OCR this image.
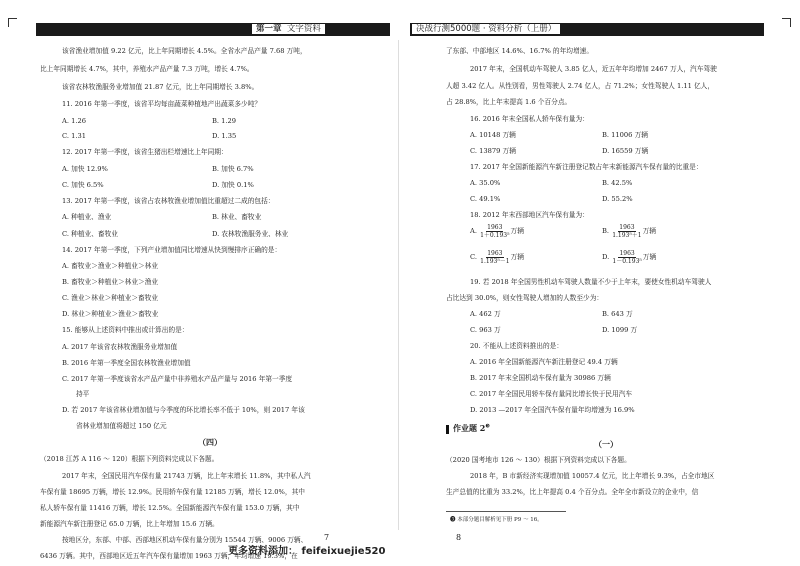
第一章 文字资料	决战行测5000题 · 资料分析（上册）
该省渔业增加值 9.22 亿元，比上年同期增长 4.5%。全省水产品产量 7.68 万吨，
比上年同期增长 4.7%，其中，养殖水产品产量 7.3 万吨，增长 4.7%。
该省农林牧渔服务业增加值 21.87 亿元，比上年同期增长 3.8%。
11. 2016 年第一季度，该省平均每亩蔬菜种植地产出蔬菜多少吨？
A. 1.26	B. 1.29
C. 1.31	D. 1.35
12. 2017 年第一季度，该省生猪出栏增速比上年同期：
A. 加快 12.9%	B. 加快 6.7%
C. 加快 6.5%	D. 加快 0.1%
13. 2017 年第一季度，该省占农林牧渔业增加值比重超过二成的包括：
A. 种植业、渔业	B. 林业、畜牧业
C. 种植业、畜牧业	D. 农林牧渔服务业、林业
14. 2017 年第一季度，下列产业增加值同比增速从快到慢排序正确的是：
A. 畜牧业＞渔业＞种植业＞林业
B. 畜牧业＞种植业＞林业＞渔业
C. 渔业＞林业＞种植业＞畜牧业
D. 林业＞种植业＞渔业＞畜牧业
15. 能够从上述资料中推出或计算出的是：
A. 2017 年该省农林牧渔服务业增加值
B. 2016 年第一季度全国农林牧渔业增加值
C. 2017 年第一季度该省水产品产量中非养殖水产品产量与 2016 年第一季度
持平
D. 若 2017 年该省林业增加值与今季度的环比增长率不低于 10%，则 2017 年该
省林业增加值将超过 150 亿元
（四）
（2018 江苏 A 116 ～ 120）根据下列资料完成以下各题。
2017 年末，全国民用汽车保有量 21743 万辆，比上年末增长 11.8%，其中私人汽
车保有量 18695 万辆，增长 12.9%。民用轿车保有量 12185 万辆，增长 12.0%，其中
私人轿车保有量 11416 万辆，增长 12.5%。全国新能源汽车保有量 153.0 万辆，其中
新能源汽车新注册登记 65.0 万辆，比上年增加 15.6 万辆。
按地区分，东部、中部、西部地区机动车保有量分别为 15544 万辆、9006 万辆、
6436 万辆。其中，西部地区近五年汽车保有量增加 1963 万辆，年均增速 19.3%，在
7
了东部、中部地区 14.6%、16.7% 的年均增速。
2017 年末，全国机动车驾驶人 3.85 亿人，近五年年均增加 2467 万人，汽车驾驶
人超 3.42 亿人。从性别看，男性驾驶人 2.74 亿人，占 71.2%；女性驾驶人 1.11 亿人，
占 28.8%，比上年末提高 1.6 个百分点。
16. 2016 年末全国私人轿车保有量为：
A. 10148 万辆	B. 11006 万辆
C. 13879 万辆	D. 16559 万辆
17. 2017 年全国新能源汽车新注册登记数占年末新能源汽车保有量的比重是：
A. 35.0%	B. 42.5%
C. 49.1%	D. 55.2%
18. 2012 年末西部地区汽车保有量为：
A. $\frac{1963}{\text{1＋0.193⁵}}$ 万辆	B. $\frac{1963}{\text{1.193⁵＋1}}$ 万辆
C. $\frac{1963}{\text{1.193⁵－1}}$ 万辆	D. $\frac{1963}{\text{1－0.193⁵}}$ 万辆
19. 若 2018 年全国男性机动车驾驶人数量不少于上年末，要使女性机动车驾驶人
占比达到 30.0%，则女性驾驶人增加的人数至少为：
A. 462 万	B. 643 万
C. 963 万	D. 1099 万
20. 不能从上述资料推出的是：
A. 2016 年全国新能源汽车新注册登记 49.4 万辆
B. 2017 年末全国机动车保有量为 30986 万辆
C. 2017 年全国民用轿车保有量同比增长快于民用汽车
D. 2013 —2017 年全国汽车保有量年均增速为 16.9%
作业题 $2^❸$
（一）
（2020 国考地市 126 ～ 130）根据下列资料完成以下各题。
2018 年，B 市新经济实现增加值 10057.4 亿元，比上年增长 9.3%，占全市地区
生产总值的比重为 33.2%，比上年提高 0.4 个百分点。全年全市新设立的企业中，信
❸ 本部分题目解析见下册 P9 ～ 16。
8
更多资料添加： feifeixuejie520
